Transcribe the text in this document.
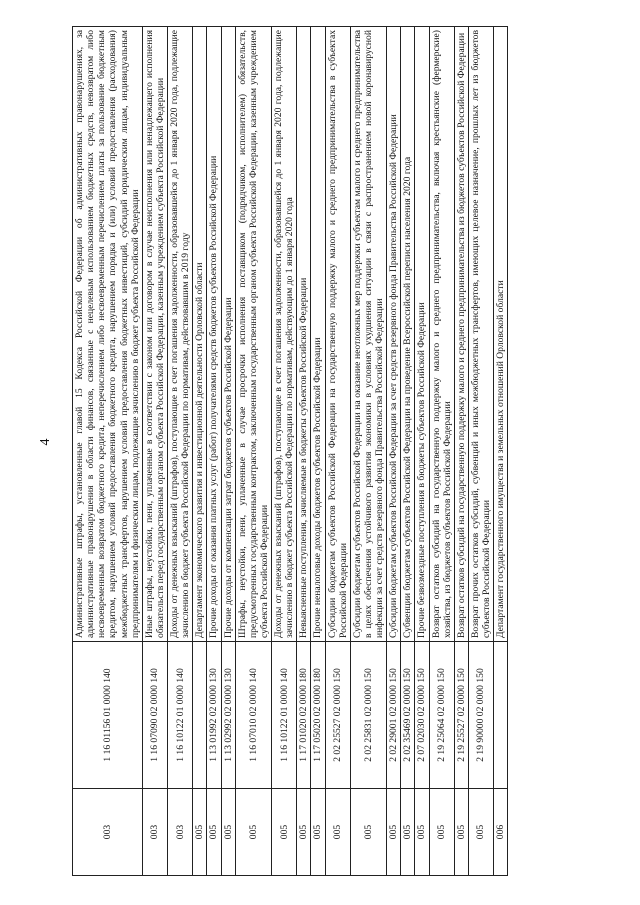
4
003	1 16 01156 01 0000 140	Административные штрафы, установленные главой 15 Кодекса Российской Федерации об административных правонарушениях, за административные правонарушения в области финансов, связанные с нецелевым использованием бюджетных средств, невозвратом либо несвоевременным возвратом бюджетного кредита, неперечислением либо несвоевременным перечислением платы за пользование бюджетным кредитом, нарушением условий предоставления бюджетного кредита, нарушением порядка и (или) условий предоставления (расходования) межбюджетных трансфертов, нарушением условий предоставления бюджетных инвестиций, субсидий юридическим лицам, индивидуальным предпринимателям и физическим лицам, подлежащие зачислению в бюджет субъекта Российской Федерации
003	1 16 07090 02 0000 140	Иные штрафы, неустойки, пени, уплаченные в соответствии с законом или договором в случае неисполнения или ненадлежащего исполнения обязательств перед государственным органом субъекта Российской Федерации, казенным учреждением субъекта Российской Федерации
003	1 16 10122 01 0000 140	Доходы от денежных взысканий (штрафов), поступающие в счет погашения задолженности, образовавшейся до 1 января 2020 года, подлежащие зачислению в бюджет субъекта Российской Федерации по нормативам, действовавшим в 2019 году
005		Департамент экономического развития и инвестиционной деятельности Орловской области
005	1 13 01992 02 0000 130	Прочие доходы от оказания платных услуг (работ) получателями средств бюджетов субъектов Российской Федерации
005	1 13 02992 02 0000 130	Прочие доходы от компенсации затрат бюджетов субъектов Российской Федерации
005	1 16 07010 02 0000 140	Штрафы, неустойки, пени, уплаченные в случае просрочки исполнения поставщиком (подрядчиком, исполнителем) обязательств, предусмотренных государственным контрактом, заключенным государственным органом субъекта Российской Федерации, казенным учреждением субъекта Российской Федерации
005	1 16 10122 01 0000 140	Доходы от денежных взысканий (штрафов), поступающие в счет погашения задолженности, образовавшейся до 1 января 2020 года, подлежащие зачислению в бюджет субъекта Российской Федерации по нормативам, действующим до 1 января 2020 года
005	1 17 01020 02 0000 180	Невыясненные поступления, зачисляемые в бюджеты субъектов Российской Федерации
005	1 17 05020 02 0000 180	Прочие неналоговые доходы бюджетов субъектов Российской Федерации
005	2 02 25527 02 0000 150	Субсидии бюджетам субъектов Российской Федерации на государственную поддержку малого и среднего предпринимательства в субъектах Российской Федерации
005	2 02 25831 02 0000 150	Субсидии бюджетам субъектов Российской Федерации на оказание неотложных мер поддержки субъектам малого и среднего предпринимательства в целях обеспечения устойчивого развития экономики в условиях ухудшения ситуации в связи с распространением новой коронавирусной инфекции за счет средств резервного фонда Правительства Российской Федерации
005	2 02 29001 02 0000 150	Субсидии бюджетам субъектов Российской Федерации за счет средств резервного фонда Правительства Российской Федерации
005	2 02 35469 02 0000 150	Субвенции бюджетам субъектов Российской Федерации на проведение Всероссийской переписи населения 2020 года
005	2 07 02030 02 0000 150	Прочие безвозмездные поступления в бюджеты субъектов Российской Федерации
005	2 19 25064 02 0000 150	Возврат остатков субсидий на государственную поддержку малого и среднего предпринимательства, включая крестьянские (фермерские) хозяйства, из бюджетов субъектов Российской Федерации
005	2 19 25527 02 0000 150	Возврат остатков субсидий на государственную поддержку малого и среднего предпринимательства из бюджетов субъектов Российской Федерации
005	2 19 90000 02 0000 150	Возврат прочих остатков субсидий, субвенций и иных межбюджетных трансфертов, имеющих целевое назначение, прошлых лет из бюджетов субъектов Российской Федерации
006		Департамент государственного имущества и земельных отношений Орловской области
